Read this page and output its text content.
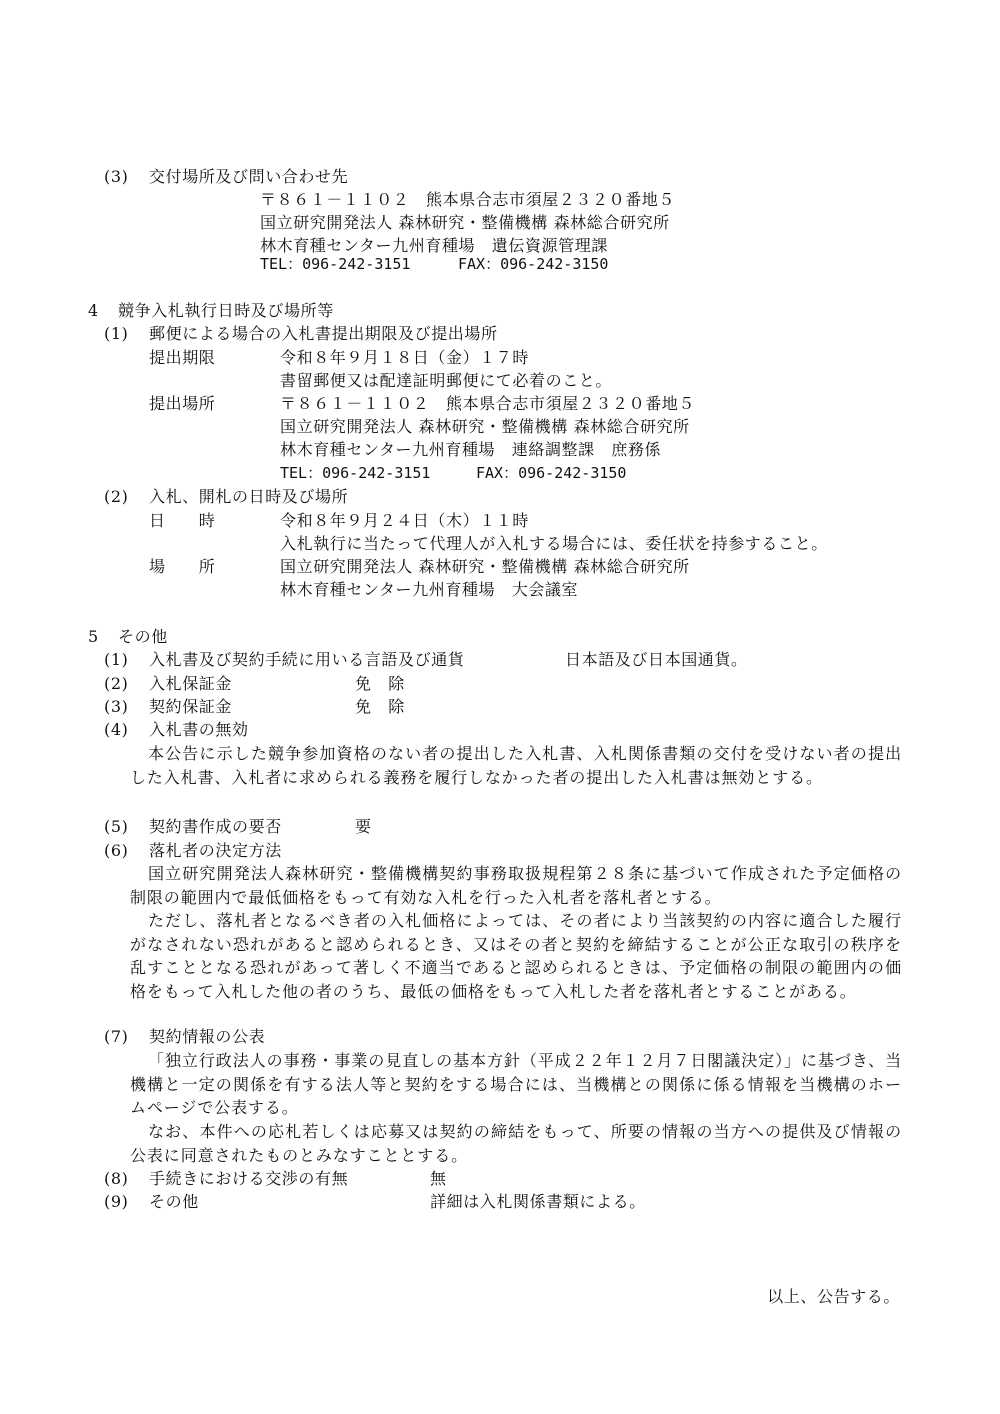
(3) 交付場所及び問い合わせ先
〒８６１－１１０２　熊本県合志市須屋２３２０番地５
国立研究開発法人 森林研究・整備機構 森林総合研究所
林木育種センター九州育種場　遺伝資源管理課
TEL：096-242-3151	FAX：096-242-3150
4 競争入札執行日時及び場所等
(1) 郵便による場合の入札書提出期限及び提出場所
提出期限	令和８年９月１８日（金）１７時
書留郵便又は配達証明郵便にて必着のこと。
提出場所	〒８６１－１１０２　熊本県合志市須屋２３２０番地５
国立研究開発法人 森林研究・整備機構 森林総合研究所
林木育種センター九州育種場　連絡調整課　庶務係
TEL：096-242-3151	FAX：096-242-3150
(2) 入札、開札の日時及び場所
日　　時	令和８年９月２４日（木）１１時
入札執行に当たって代理人が入札する場合には、委任状を持参すること。
場　　所	国立研究開発法人 森林研究・整備機構 森林総合研究所
林木育種センター九州育種場　大会議室
5 その他
(1) 入札書及び契約手続に用いる言語及び通貨	日本語及び日本国通貨。
(2) 入札保証金	免　除
(3) 契約保証金	免　除
(4) 入札書の無効
本公告に示した競争参加資格のない者の提出した入札書、入札関係書類の交付を受けない者の提出した入札書、入札者に求められる義務を履行しなかった者の提出した入札書は無効とする。
(5) 契約書作成の要否	要
(6) 落札者の決定方法
国立研究開発法人森林研究・整備機構契約事務取扱規程第２８条に基づいて作成された予定価格の制限の範囲内で最低価格をもって有効な入札を行った入札者を落札者とする。
ただし、落札者となるべき者の入札価格によっては、その者により当該契約の内容に適合した履行がなされない恐れがあると認められるとき、又はその者と契約を締結することが公正な取引の秩序を乱すこととなる恐れがあって著しく不適当であると認められるときは、予定価格の制限の範囲内の価格をもって入札した他の者のうち、最低の価格をもって入札した者を落札者とすることがある。
(7) 契約情報の公表
「独立行政法人の事務・事業の見直しの基本方針（平成２２年１２月７日閣議決定）」に基づき、当機構と一定の関係を有する法人等と契約をする場合には、当機構との関係に係る情報を当機構のホームページで公表する。
なお、本件への応札若しくは応募又は契約の締結をもって、所要の情報の当方への提供及び情報の公表に同意されたものとみなすこととする。
(8) 手続きにおける交渉の有無	無
(9) その他	詳細は入札関係書類による。
以上、公告する。
